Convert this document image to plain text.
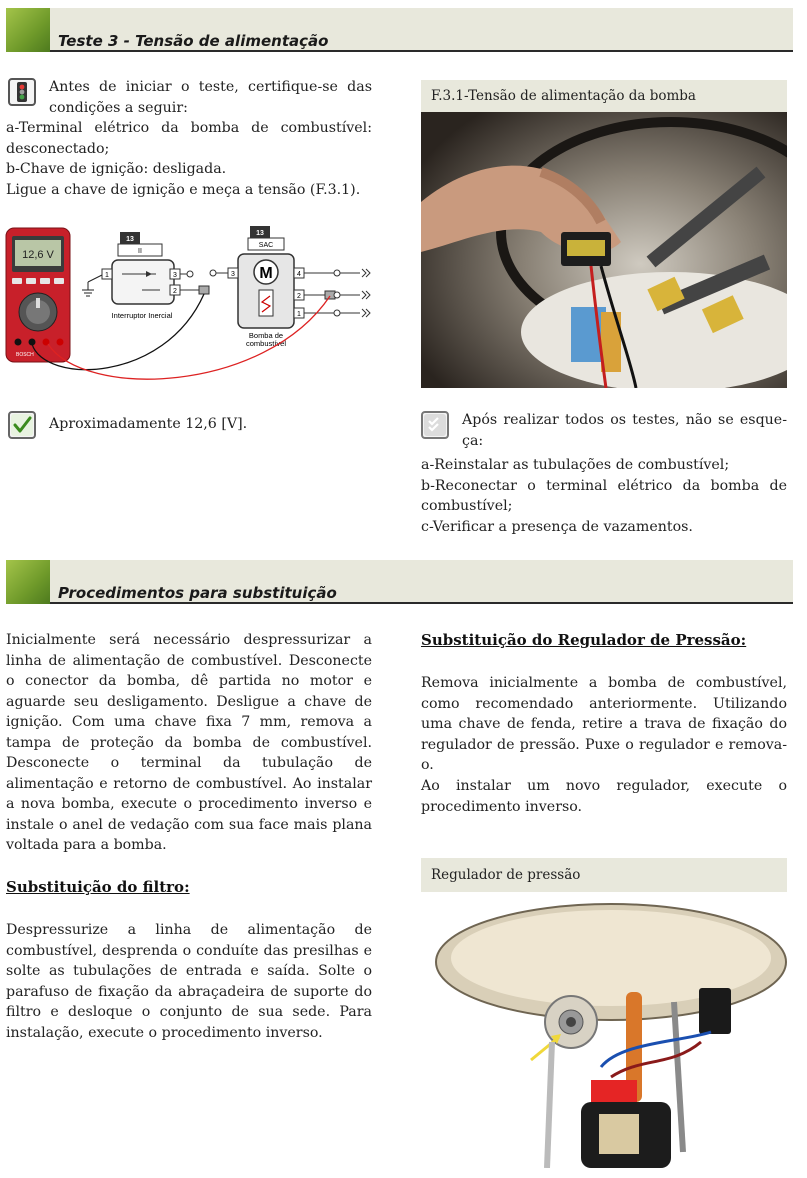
Teste 3 - Tensão de alimentação

Antes de iniciar o teste, certifique-se das

condições a seguir:

a-Terminal elétrico da bomba de combustível: desconectado;

b-Chave de ignição: desligada.

Ligue a chave de ignição e meça a tensão (F.3.1).

12,6 V
BOSCH
13
II
1	3
2
Interruptor Inercial
13
SAC
M
3	4
2
1
Bomba de
combustível
Aproximadamente 12,6 [V].
F.3.1-Tensão de alimentação da bomba

Após realizar todos os testes, não se esque-

ça:

a-Reinstalar as tubulações de combustível;

b-Reconectar o terminal elétrico da bomba de combustível;

c-Verificar a presença de vazamentos.

Procedimentos para substituição
Inicialmente será necessário despressurizar a linha de alimentação de combustível. Desconecte o conector da bomba, dê partida no motor e aguarde seu desligamento. Desligue a chave de ignição. Com uma chave fixa 7 mm, remova a tampa de proteção da bomba de combustível. Desconecte o terminal da tubulação de alimentação e retorno de combustível. Ao instalar a nova bomba, execute o procedimento inverso e instale o anel de vedação com sua face mais plana voltada para a bomba.
Substituição do filtro:
Despressurize a linha de alimentação de combustível, desprenda o conduíte das presilhas e solte as tubulações de entrada e saída. Solte o parafuso de fixação da abraçadeira de suporte do filtro e desloque o conjunto de sua sede. Para instalação, execute o procedimento inverso.
Substituição do Regulador de Pressão:
Remova inicialmente a bomba de combustível, como recomendado anteriormente. Utilizando uma chave de fenda, retire a trava de fixação do regulador de pressão. Puxe o regulador e remova-o.
Ao instalar um novo regulador, execute o procedimento inverso.
Regulador de pressão
